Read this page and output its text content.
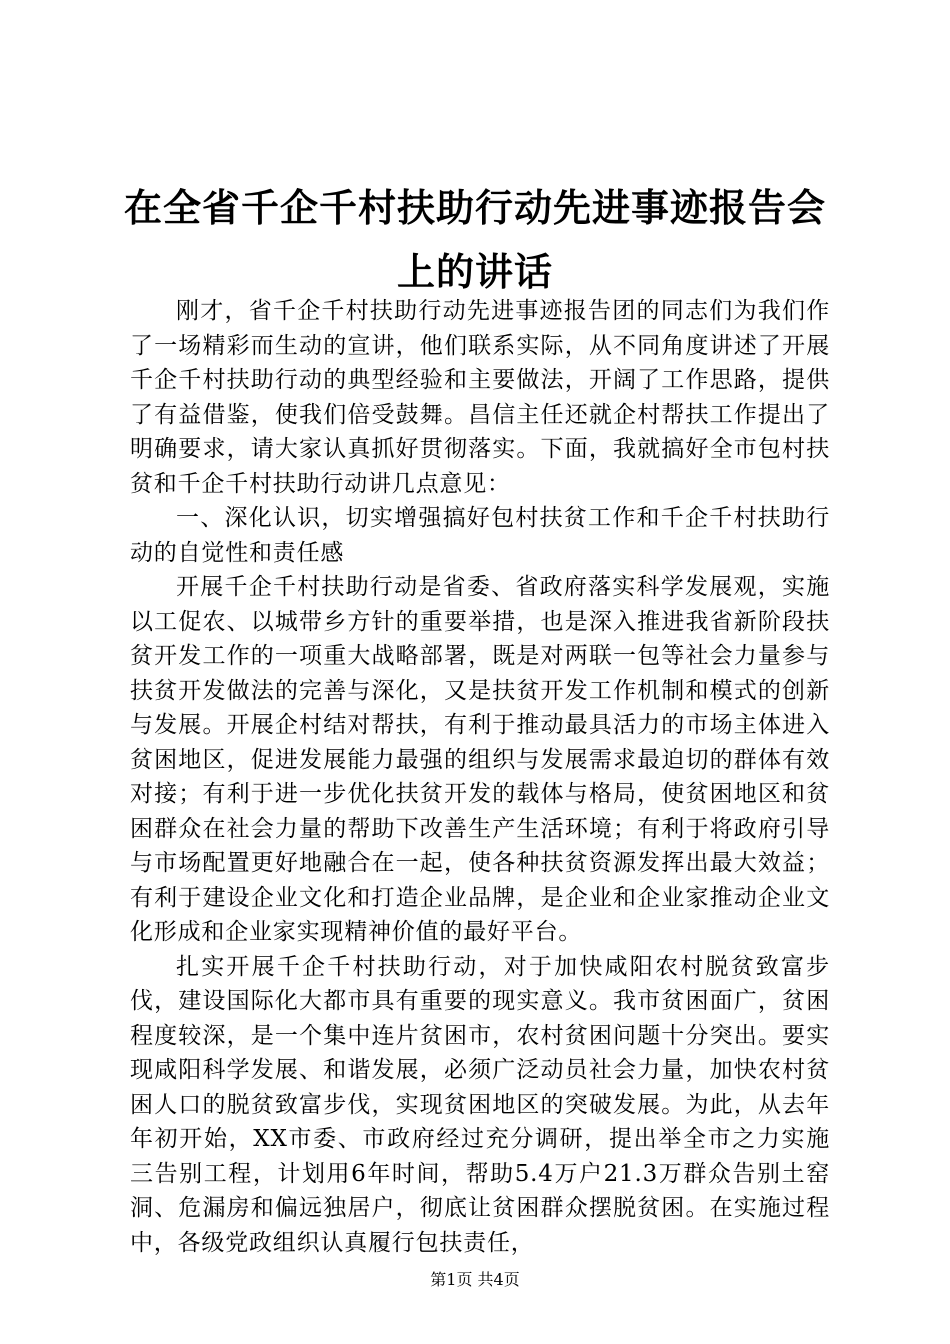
在全省千企千村扶助行动先进事迹报告会上的讲话

刚才，省千企千村扶助行动先进事迹报告团的同志们为我们作了一场精彩而生动的宣讲，他们联系实际，从不同角度讲述了开展千企千村扶助行动的典型经验和主要做法，开阔了工作思路，提供了有益借鉴，使我们倍受鼓舞。昌信主任还就企村帮扶工作提出了明确要求，请大家认真抓好贯彻落实。下面，我就搞好全市包村扶贫和千企千村扶助行动讲几点意见：

一、深化认识，切实增强搞好包村扶贫工作和千企千村扶助行动的自觉性和责任感

开展千企千村扶助行动是省委、省政府落实科学发展观，实施以工促农、以城带乡方针的重要举措，也是深入推进我省新阶段扶贫开发工作的一项重大战略部署，既是对两联一包等社会力量参与扶贫开发做法的完善与深化，又是扶贫开发工作机制和模式的创新与发展。开展企村结对帮扶，有利于推动最具活力的市场主体进入贫困地区，促进发展能力最强的组织与发展需求最迫切的群体有效对接；有利于进一步优化扶贫开发的载体与格局，使贫困地区和贫困群众在社会力量的帮助下改善生产生活环境；有利于将政府引导与市场配置更好地融合在一起，使各种扶贫资源发挥出最大效益；有利于建设企业文化和打造企业品牌，是企业和企业家推动企业文化形成和企业家实现精神价值的最好平台。

扎实开展千企千村扶助行动，对于加快咸阳农村脱贫致富步伐，建设国际化大都市具有重要的现实意义。我市贫困面广，贫困程度较深，是一个集中连片贫困市，农村贫困问题十分突出。要实现咸阳科学发展、和谐发展，必须广泛动员社会力量，加快农村贫困人口的脱贫致富步伐，实现贫困地区的突破发展。为此，从去年年初开始，XX市委、市政府经过充分调研，提出举全市之力实施三告别工程，计划用6年时间，帮助5.4万户21.3万群众告别土窑洞、危漏房和偏远独居户，彻底让贫困群众摆脱贫困。在实施过程中，各级党政组织认真履行包扶责任，

第1页 共4页
